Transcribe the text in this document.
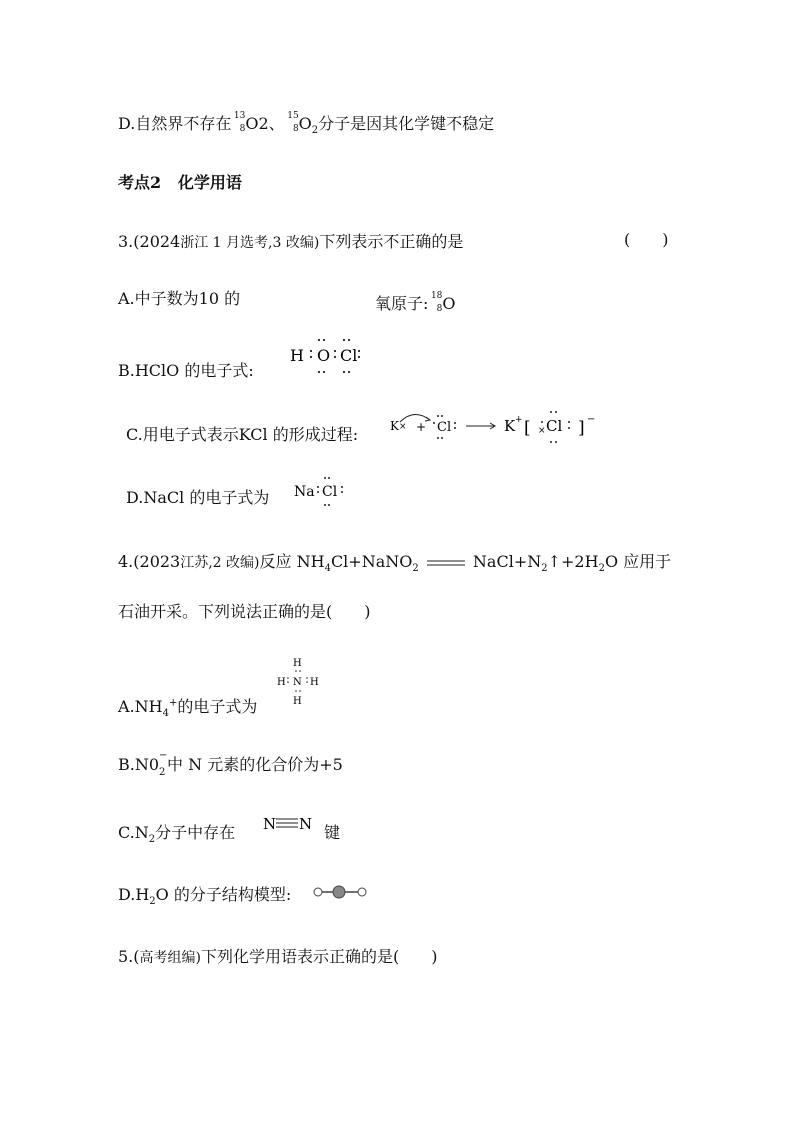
D.自然界不存在 13
8 O2、 15
8 $O_2$分子是因其化学键不稳定
考点2 化学用语
3.(2024浙江 1 月选考,3 改编)下列表示不正确的是	(　　)
A.中子数为10 的	氧原子: 18
8 O
B.HClO 的电子式:
H O Cl
C.用电子式表示KCl 的形成过程:	K × + Cl	K + [ × Cl ] −
D.NaCl 的电子式为 Na Cl
4.(2023江苏,2 改编)反应 $NH_4Cl+NaNO_2$	$NaCl+N_2↑+2H_2O$ 应用于
石油开采。下列说法正确的是(　　)
$A.NH_4^+$的电子式为
H
H N H
H
B.N0 −
2 中 N 元素的化合价为+5
$C.N_2$分子中存在 N N 键
$D.H_2O$ 的分子结构模型:
5.(高考组编)下列化学用语表示正确的是(　　)
